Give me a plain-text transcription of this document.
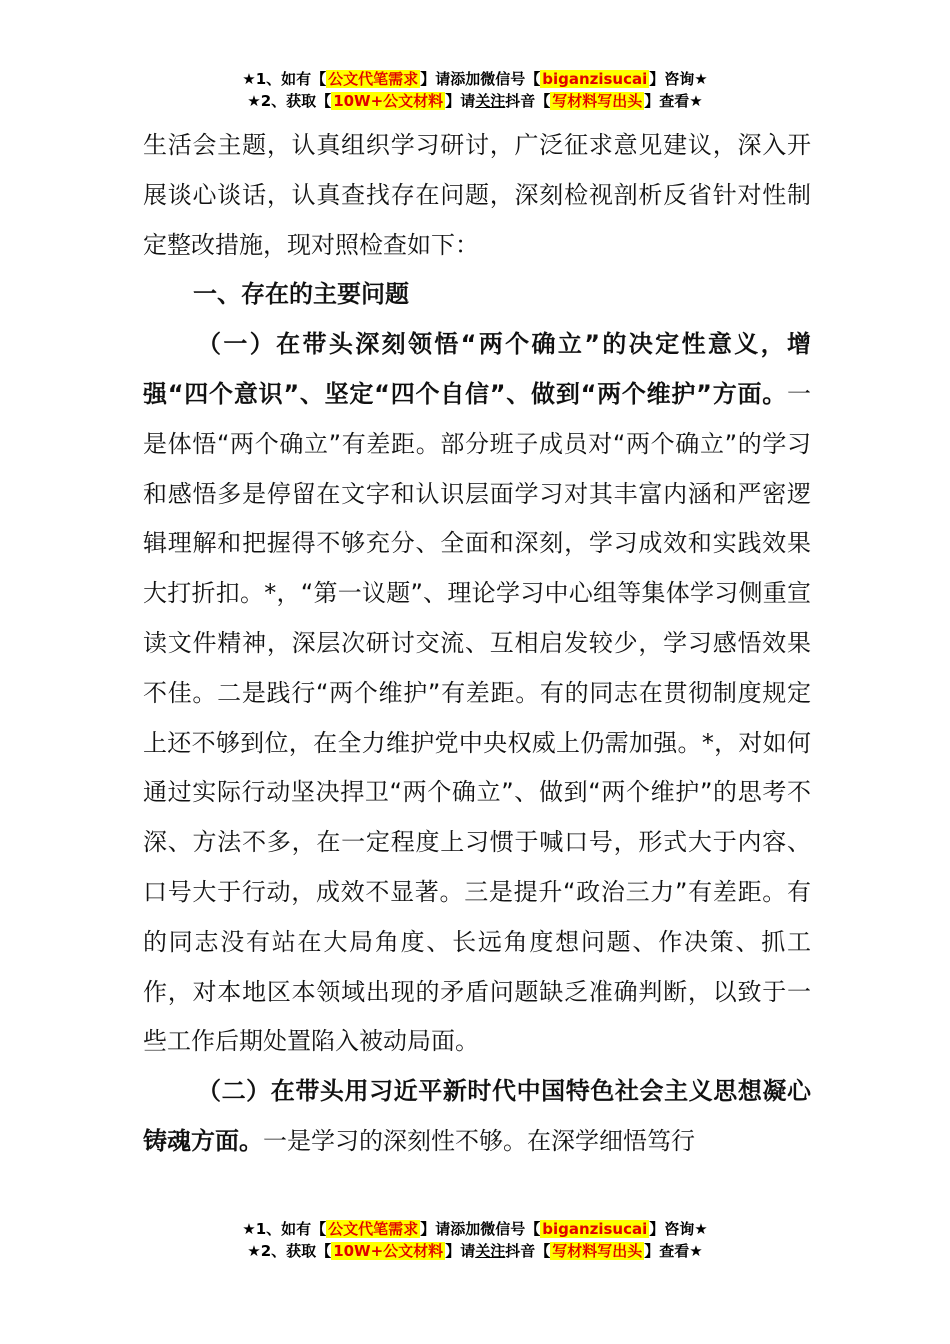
★1、如有【 公文代笔需求 】请添加微信号【 biganzisucai 】咨询★
★2、获取【 10W+公文材料 】请关注抖音【 写材料写出头 】查看★

生活会主题，认真组织学习研讨，广泛征求意见建议，深入开展谈心谈话，认真查找存在问题，深刻检视剖析反省针对性制定整改措施，现对照检查如下：

一、存在的主要问题

（一）在带头深刻领悟“两个确立”的决定性意义，增强“四个意识”、坚定“四个自信”、做到“两个维护”方面。一是体悟“两个确立”有差距。部分班子成员对“两个确立”的学习和感悟多是停留在文字和认识层面学习对其丰富内涵和严密逻辑理解和把握得不够充分、全面和深刻，学习成效和实践效果大打折扣。*，“第一议题”、理论学习中心组等集体学习侧重宣读文件精神，深层次研讨交流、互相启发较少，学习感悟效果不佳。二是践行“两个维护”有差距。有的同志在贯彻制度规定上还不够到位，在全力维护党中央权威上仍需加强。*，对如何通过实际行动坚决捍卫“两个确立”、做到“两个维护”的思考不深、方法不多，在一定程度上习惯于喊口号，形式大于内容、口号大于行动，成效不显著。三是提升“政治三力”有差距。有的同志没有站在大局角度、长远角度想问题、作决策、抓工作，对本地区本领域出现的矛盾问题缺乏准确判断，以致于一些工作后期处置陷入被动局面。

（二）在带头用习近平新时代中国特色社会主义思想凝心铸魂方面。一是学习的深刻性不够。在深学细悟笃行

★1、如有【 公文代笔需求 】请添加微信号【 biganzisucai 】咨询★
★2、获取【 10W+公文材料 】请关注抖音【 写材料写出头 】查看★
